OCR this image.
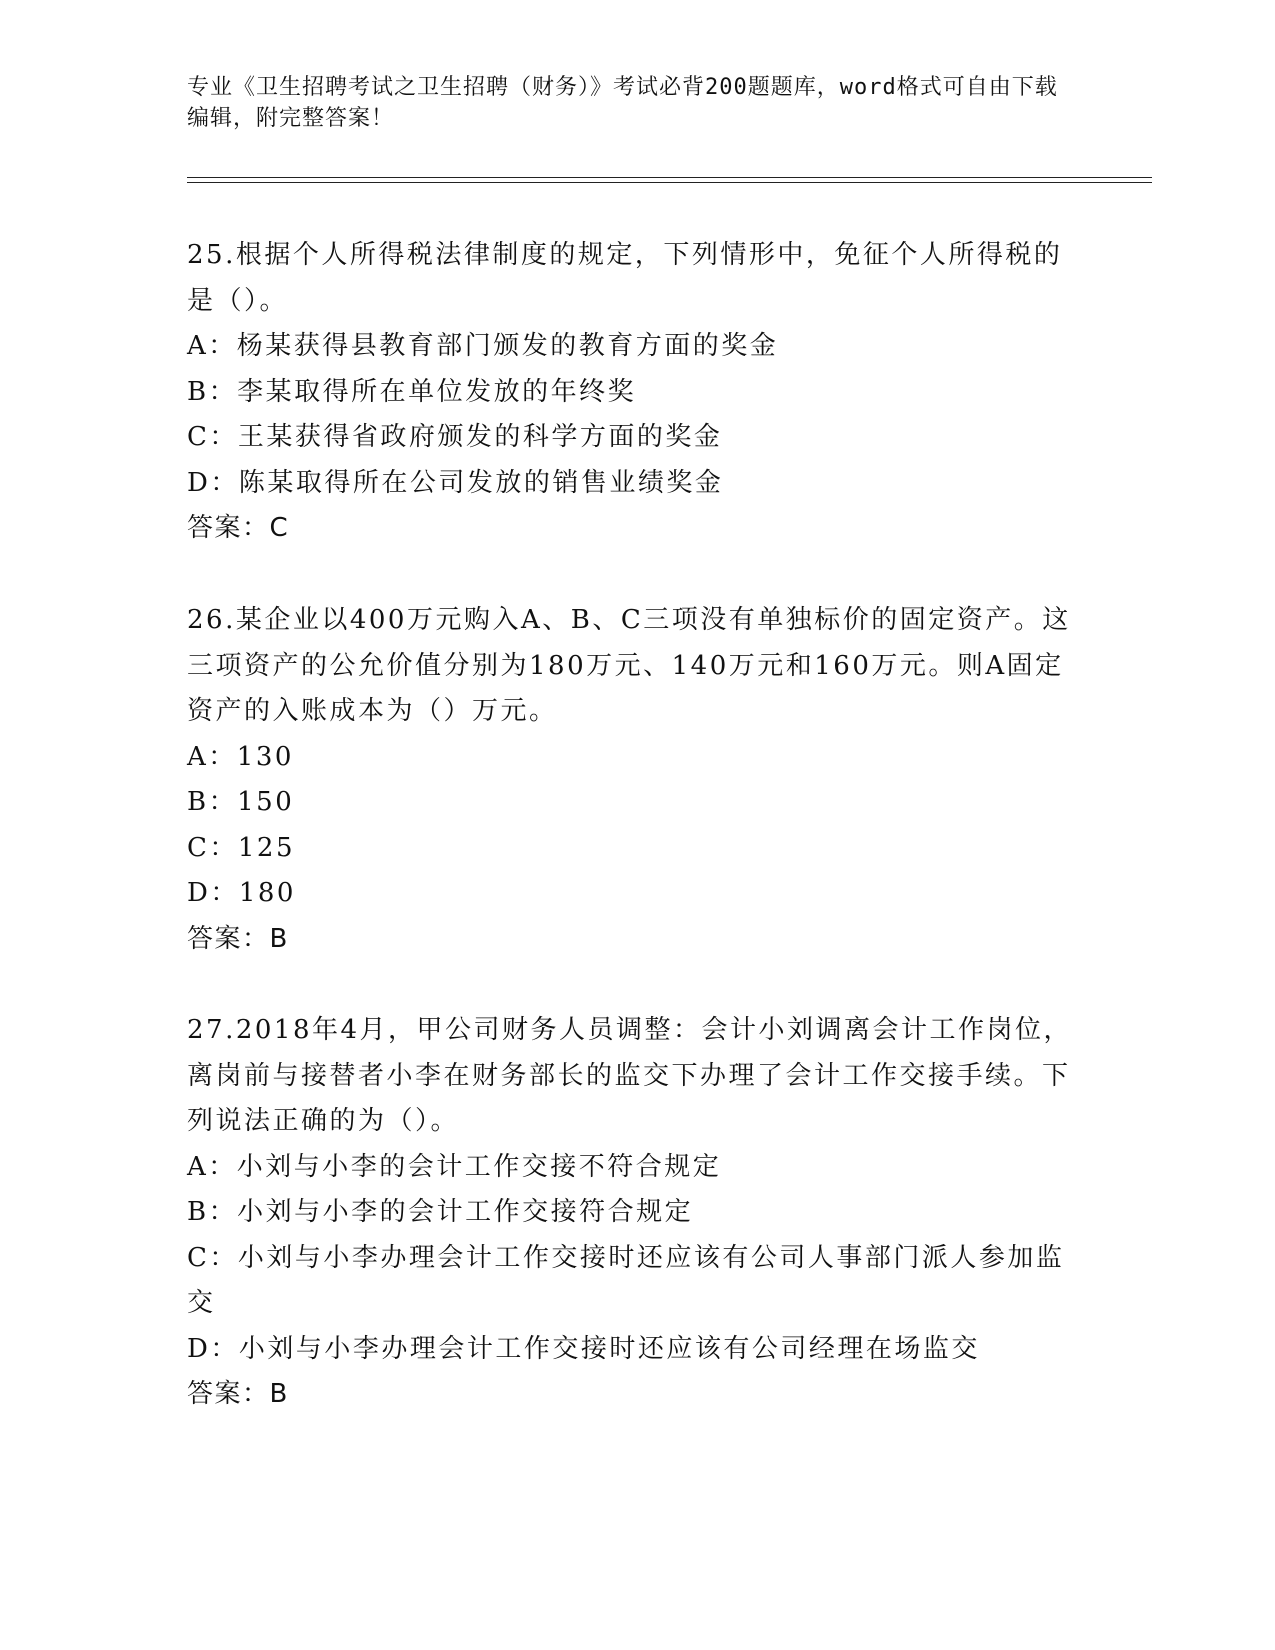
专业《卫生招聘考试之卫生招聘（财务）》考试必背200题题库，word格式可自由下载编辑，附完整答案！

25.根据个人所得税法律制度的规定，下列情形中，免征个人所得税的是（）。

A：杨某获得县教育部门颁发的教育方面的奖金

B：李某取得所在单位发放的年终奖

C：王某获得省政府颁发的科学方面的奖金

D：陈某取得所在公司发放的销售业绩奖金

答案：C

26.某企业以400万元购入A、B、C三项没有单独标价的固定资产。这三项资产的公允价值分别为180万元、140万元和160万元。则A固定资产的入账成本为（）万元。

A：130

B：150

C：125

D：180

答案：B

27.2018年4月，甲公司财务人员调整：会计小刘调离会计工作岗位，离岗前与接替者小李在财务部长的监交下办理了会计工作交接手续。下列说法正确的为（）。

A：小刘与小李的会计工作交接不符合规定

B：小刘与小李的会计工作交接符合规定

C：小刘与小李办理会计工作交接时还应该有公司人事部门派人参加监交

D：小刘与小李办理会计工作交接时还应该有公司经理在场监交

答案：B
